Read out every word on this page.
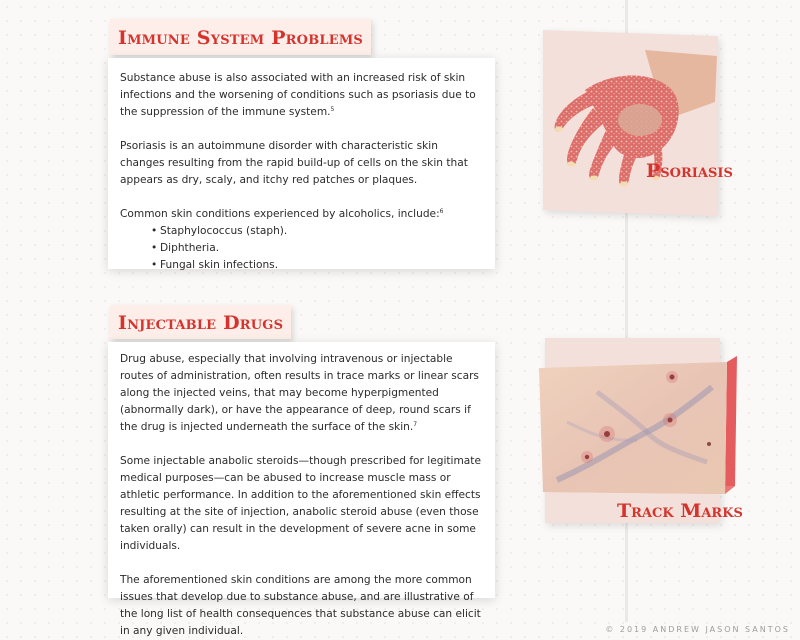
Immune System Problems

Substance abuse is also associated with an increased risk of skin infections and the worsening of conditions such as psoriasis due to the suppression of the immune system.$^5$

Psoriasis is an autoimmune disorder with characteristic skin changes resulting from the rapid build-up of cells on the skin that appears as dry, scaly, and itchy red patches or plaques.

Common skin conditions experienced by alcoholics, include:$^6$

• Staphylococcus (staph).
• Diphtheria.
• Fungal skin infections.
Injectable Drugs

Drug abuse, especially that involving intravenous or injectable routes of administration, often results in trace marks or linear scars along the injected veins, that may become hyperpigmented (abnormally dark), or have the appearance of deep, round scars if the drug is injected underneath the surface of the skin.$^7$

Some injectable anabolic steroids—though prescribed for legitimate medical purposes—can be abused to increase muscle mass or athletic performance. In addition to the aforementioned skin effects resulting at the site of injection, anabolic steroid abuse (even those taken orally) can result in the development of severe acne in some individuals.

The aforementioned skin conditions are among the more common issues that develop due to substance abuse, and are illustrative of the long list of health consequences that substance abuse can elicit in any given individual.

Psoriasis
Track Marks
© 2019 ANDREW JASON SANTOS
